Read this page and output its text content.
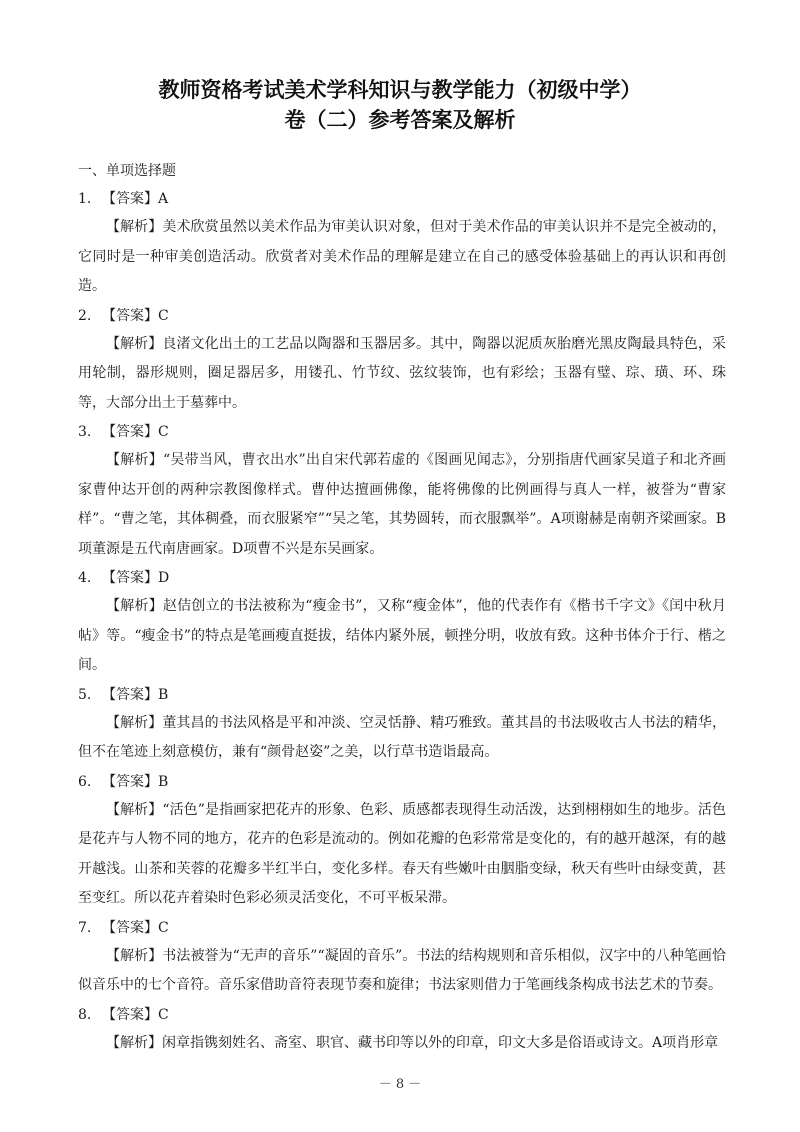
教师资格考试美术学科知识与教学能力（初级中学）
卷（二）参考答案及解析

一、单项选择题

1. 【答案】A

【解析】美术欣赏虽然以美术作品为审美认识对象，但对于美术作品的审美认识并不是完全被动的，它同时是一种审美创造活动。欣赏者对美术作品的理解是建立在自己的感受体验基础上的再认识和再创造。

2. 【答案】C

【解析】良渚文化出土的工艺品以陶器和玉器居多。其中，陶器以泥质灰胎磨光黑皮陶最具特色，采用轮制，器形规则，圈足器居多，用镂孔、竹节纹、弦纹装饰，也有彩绘；玉器有璧、琮、璜、环、珠等，大部分出土于墓葬中。

3. 【答案】C

【解析】“吴带当风，曹衣出水”出自宋代郭若虚的《图画见闻志》，分别指唐代画家吴道子和北齐画家曹仲达开创的两种宗教图像样式。曹仲达擅画佛像，能将佛像的比例画得与真人一样，被誉为“曹家样”。“曹之笔，其体稠叠，而衣服紧窄”“吴之笔，其势圆转，而衣服飘举”。A项谢赫是南朝齐梁画家。B项董源是五代南唐画家。D项曹不兴是东吴画家。

4. 【答案】D

【解析】赵佶创立的书法被称为“瘦金书”，又称“瘦金体”，他的代表作有《楷书千字文》《闰中秋月帖》等。“瘦金书”的特点是笔画瘦直挺拔，结体内紧外展，顿挫分明，收放有致。这种书体介于行、楷之间。

5. 【答案】B

【解析】董其昌的书法风格是平和冲淡、空灵恬静、精巧雅致。董其昌的书法吸收古人书法的精华，但不在笔迹上刻意模仿，兼有“颜骨赵姿”之美，以行草书造诣最高。

6. 【答案】B

【解析】“活色”是指画家把花卉的形象、色彩、质感都表现得生动活泼，达到栩栩如生的地步。活色是花卉与人物不同的地方，花卉的色彩是流动的。例如花瓣的色彩常常是变化的，有的越开越深，有的越开越浅。山茶和芙蓉的花瓣多半红半白，变化多样。春天有些嫩叶由胭脂变绿，秋天有些叶由绿变黄，甚至变红。所以花卉着染时色彩必须灵活变化，不可平板呆滞。

7. 【答案】C

【解析】书法被誉为“无声的音乐”“凝固的音乐”。书法的结构规则和音乐相似，汉字中的八种笔画恰似音乐中的七个音符。音乐家借助音符表现节奏和旋律；书法家则借力于笔画线条构成书法艺术的节奏。

8. 【答案】C

【解析】闲章指镌刻姓名、斋室、职官、藏书印等以外的印章，印文大多是俗语或诗文。A项肖形章

－ 8 －
